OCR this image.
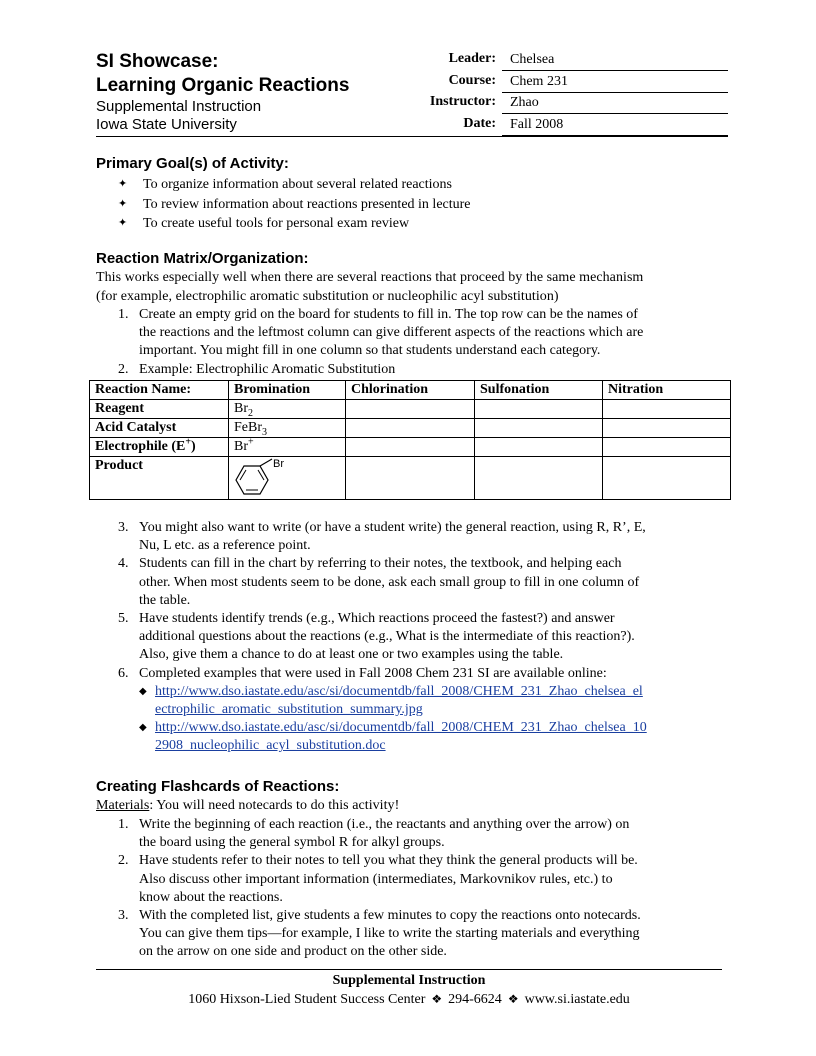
SI Showcase:
Learning Organic Reactions
Supplemental Instruction
Iowa State University
Leader:	Chelsea
Course:	Chem 231
Instructor:	Zhao
Date:	Fall 2008
Primary Goal(s) of Activity:
✦	To organize information about several related reactions
✦	To review information about reactions presented in lecture
✦	To create useful tools for personal exam review
Reaction Matrix/Organization:
This works especially well when there are several reactions that proceed by the same mechanism
(for example, electrophilic aromatic substitution or nucleophilic acyl substitution)
1. Create an empty grid on the board for students to fill in. The top row can be the names of
the reactions and the leftmost column can give different aspects of the reactions which are
important. You might fill in one column so that students understand each category.
2. Example: Electrophilic Aromatic Substitution
Reaction Name:	Bromination	Chlorination	Sulfonation	Nitration
Reagent	$Br_2$			
Acid Catalyst	FeBr$_3$			
Electrophile (E+)	Br+			
Product	Br			

3. You might also want to write (or have a student write) the general reaction, using R, R’, E,
Nu, L etc. as a reference point.
4. Students can fill in the chart by referring to their notes, the textbook, and helping each
other. When most students seem to be done, ask each small group to fill in one column of
the table.
5. Have students identify trends (e.g., Which reactions proceed the fastest?) and answer
additional questions about the reactions (e.g., What is the intermediate of this reaction?).
Also, give them a chance to do at least one or two examples using the table.
6. Completed examples that were used in Fall 2008 Chem 231 SI are available online:
◆ http://www.dso.iastate.edu/asc/si/documentdb/fall_2008/CHEM_231_Zhao_chelsea_el
ectrophilic_aromatic_substitution_summary.jpg
◆ http://www.dso.iastate.edu/asc/si/documentdb/fall_2008/CHEM_231_Zhao_chelsea_10
2908_nucleophilic_acyl_substitution.doc
Creating Flashcards of Reactions:
Materials: You will need notecards to do this activity!
1. Write the beginning of each reaction (i.e., the reactants and anything over the arrow) on
the board using the general symbol R for alkyl groups.
2. Have students refer to their notes to tell you what they think the general products will be.
Also discuss other important information (intermediates, Markovnikov rules, etc.) to
know about the reactions.
3. With the completed list, give students a few minutes to copy the reactions onto notecards.
You can give them tips—for example, I like to write the starting materials and everything
on the arrow on one side and product on the other side.
Supplemental Instruction
1060 Hixson-Lied Student Success Center ❖ 294-6624 ❖ www.si.iastate.edu
